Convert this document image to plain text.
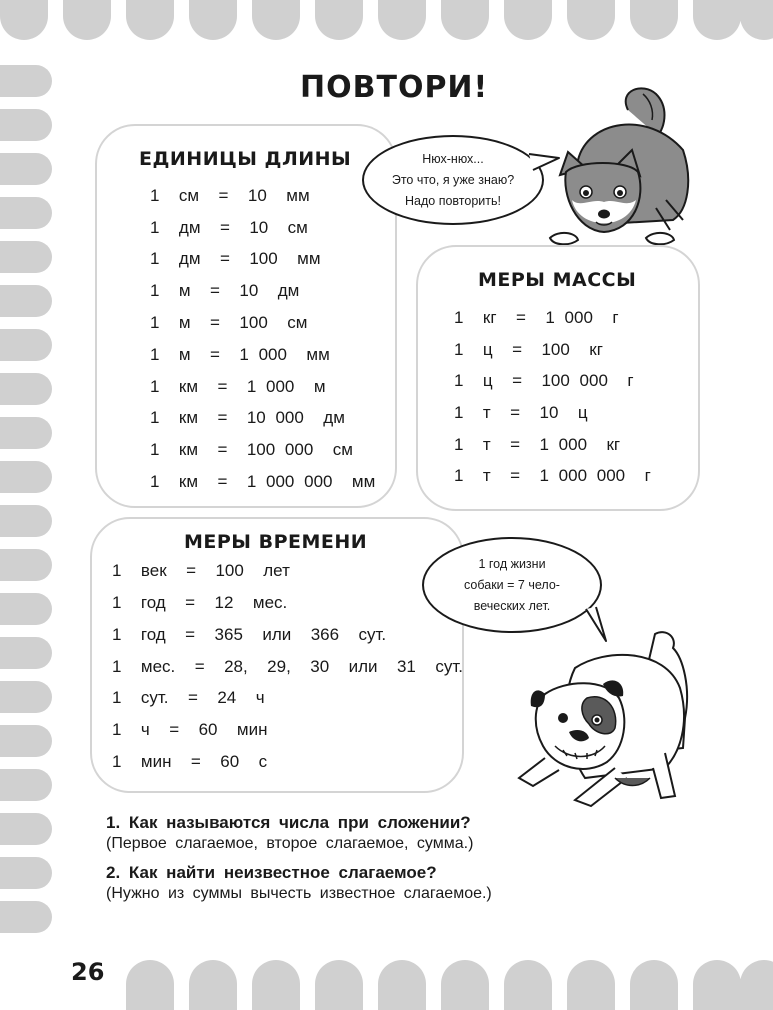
ПОВТОРИ!
ЕДИНИЦЫ ДЛИНЫ
1  см  =  10  мм
1  дм  =  10  см
1  дм  =  100  мм
1  м  =  10  дм
1  м  =  100  см
1  м  =  1 000  мм
1  км  =  1 000  м
1  км  =  10 000  дм
1  км  =  100 000  см
1  км  =  1 000 000  мм
Нюх-нюх...
Это что, я уже знаю?
Надо повторить!
МЕРЫ МАССЫ
1  кг  =  1 000  г
1  ц  =  100  кг
1  ц  =  100 000  г
1  т  =  10  ц
1  т  =  1 000  кг
1  т  =  1 000 000  г
МЕРЫ ВРЕМЕНИ
1  век  =  100  лет
1  год  =  12  мес.
1  год  =  365  или  366  сут.
1  мес.  =  28,  29,  30  или  31  сут.
1  сут.  =  24  ч
1  ч  =  60  мин
1  мин  =  60  с
1 год жизни
собаки = 7 чело-
веческих лет.
1. Как называются числа при сложении?
(Первое слагаемое, второе слагаемое, сумма.)
2. Как найти неизвестное слагаемое?
(Нужно из суммы вычесть известное слагаемое.)
26
